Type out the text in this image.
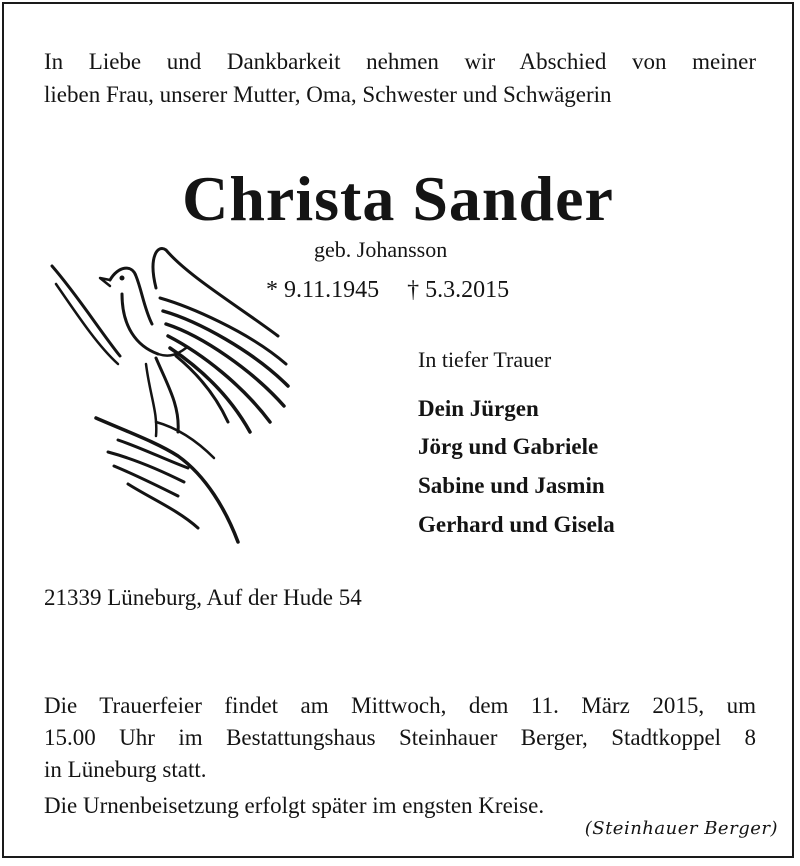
In Liebe und Dankbarkeit nehmen wir Abschied von meiner
lieben Frau, unserer Mutter, Oma, Schwester und Schwägerin
Christa Sander
geb. Johansson
* 9.11.1945 † 5.3.2015
In tiefer Trauer
Dein Jürgen
Jörg und Gabriele
Sabine und Jasmin
Gerhard und Gisela
21339 Lüneburg, Auf der Hude 54
Die Trauerfeier findet am Mittwoch, dem 11. März 2015, um
15.00 Uhr im Bestattungshaus Steinhauer Berger, Stadtkoppel 8
in Lüneburg statt.
Die Urnenbeisetzung erfolgt später im engsten Kreise.
(Steinhauer Berger)
